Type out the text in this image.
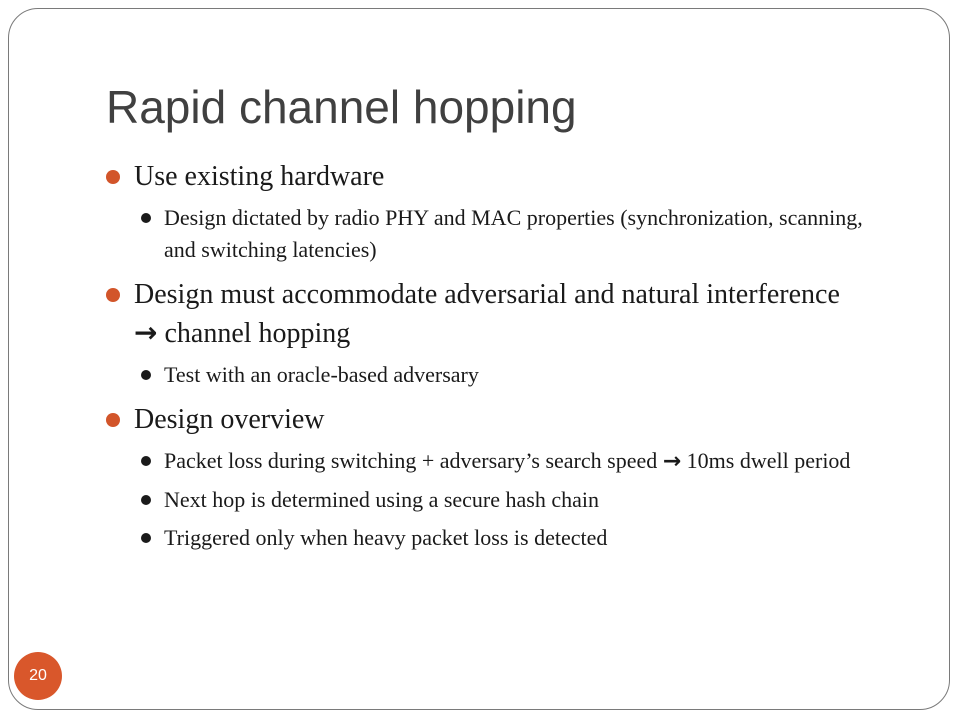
Rapid channel hopping
Use existing hardware
Design dictated by radio PHY and MAC properties (synchronization, scanning, and switching latencies)
Design must accommodate adversarial and natural interference → channel hopping
Test with an oracle-based adversary
Design overview
Packet loss during switching + adversary’s search speed → 10ms dwell period
Next hop is determined using a secure hash chain
Triggered only when heavy packet loss is detected
20
